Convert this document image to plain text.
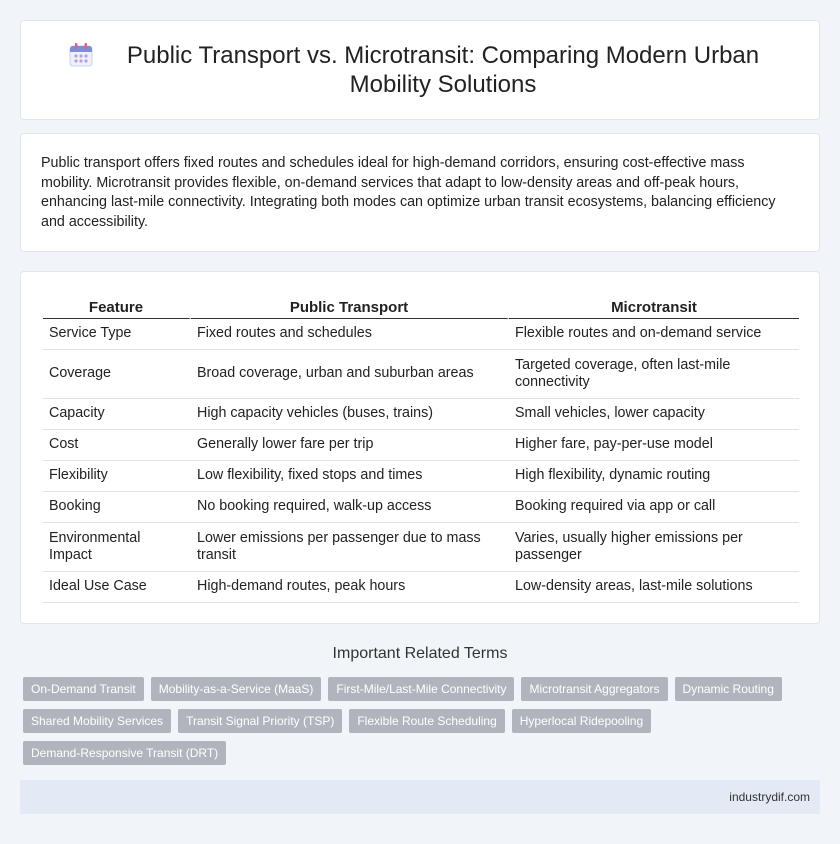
Public Transport vs. Microtransit: Comparing Modern Urban Mobility Solutions

Public transport offers fixed routes and schedules ideal for high-demand corridors, ensuring cost-effective mass mobility. Microtransit provides flexible, on-demand services that adapt to low-density areas and off-peak hours, enhancing last-mile connectivity. Integrating both modes can optimize urban transit ecosystems, balancing efficiency and accessibility.

Feature	Public Transport	Microtransit
Service Type	Fixed routes and schedules	Flexible routes and on-demand service
Coverage	Broad coverage, urban and suburban areas	Targeted coverage, often last-mile connectivity
Capacity	High capacity vehicles (buses, trains)	Small vehicles, lower capacity
Cost	Generally lower fare per trip	Higher fare, pay-per-use model
Flexibility	Low flexibility, fixed stops and times	High flexibility, dynamic routing
Booking	No booking required, walk-up access	Booking required via app or call
Environmental Impact	Lower emissions per passenger due to mass transit	Varies, usually higher emissions per passenger
Ideal Use Case	High-demand routes, peak hours	Low-density areas, last-mile solutions
Important Related Terms
On-Demand Transit	Mobility-as-a-Service (MaaS)	First-Mile/Last-Mile Connectivity	Microtransit Aggregators	Dynamic Routing
Shared Mobility Services	Transit Signal Priority (TSP)	Flexible Route Scheduling	Hyperlocal Ridepooling
Demand-Responsive Transit (DRT)
industrydif.com
